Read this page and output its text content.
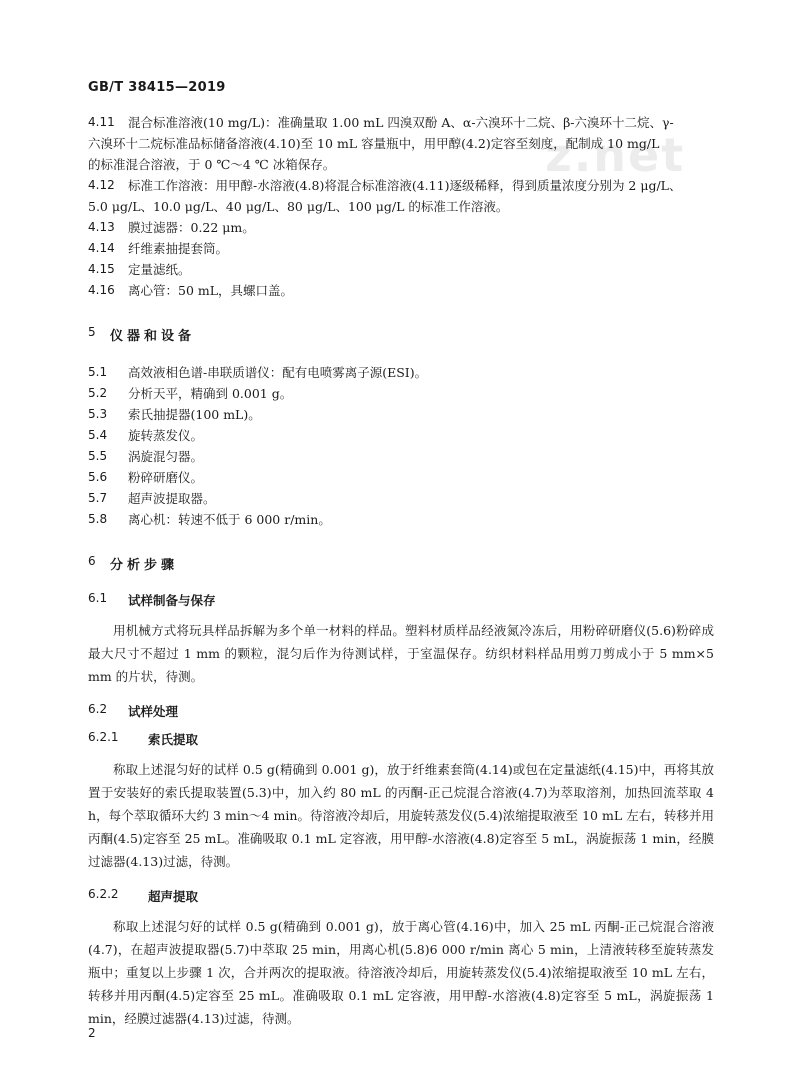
GB/T 38415—2019
z.net
4.11	混合标准溶液(10 mg/L)：准确量取 1.00 mL 四溴双酚 A、α-六溴环十二烷、β-六溴环十二烷、γ-
六溴环十二烷标准品标储备溶液(4.10)至 10 mL 容量瓶中，用甲醇(4.2)定容至刻度，配制成 10 mg/L
的标准混合溶液，于 0 ℃～4 ℃ 冰箱保存。
4.12	标准工作溶液：用甲醇-水溶液(4.8)将混合标准溶液(4.11)逐级稀释，得到质量浓度分别为 2 μg/L、
5.0 μg/L、10.0 μg/L、40 μg/L、80 μg/L、100 μg/L 的标准工作溶液。
4.13	膜过滤器：0.22 μm。
4.14	纤维素抽提套筒。
4.15	定量滤纸。
4.16	离心管：50 mL，具螺口盖。
5	仪器和设备
5.1	高效液相色谱-串联质谱仪：配有电喷雾离子源(ESI)。
5.2	分析天平，精确到 0.001 g。
5.3	索氏抽提器(100 mL)。
5.4	旋转蒸发仪。
5.5	涡旋混匀器。
5.6	粉碎研磨仪。
5.7	超声波提取器。
5.8	离心机：转速不低于 6 000 r/min。
6	分析步骤
6.1	试样制备与保存
用机械方式将玩具样品拆解为多个单一材料的样品。塑料材质样品经液氮冷冻后，用粉碎研磨仪(5.6)粉碎成最大尺寸不超过 1 mm 的颗粒，混匀后作为待测试样，于室温保存。纺织材料样品用剪刀剪成小于 5 mm×5 mm 的片状，待测。
6.2	试样处理
6.2.1	索氏提取
称取上述混匀好的试样 0.5 g(精确到 0.001 g)，放于纤维素套筒(4.14)或包在定量滤纸(4.15)中，再将其放置于安装好的索氏提取装置(5.3)中，加入约 80 mL 的丙酮-正己烷混合溶液(4.7)为萃取溶剂，加热回流萃取 4 h，每个萃取循环大约 3 min～4 min。待溶液冷却后，用旋转蒸发仪(5.4)浓缩提取液至 10 mL 左右，转移并用丙酮(4.5)定容至 25 mL。准确吸取 0.1 mL 定容液，用甲醇-水溶液(4.8)定容至 5 mL，涡旋振荡 1 min，经膜过滤器(4.13)过滤，待测。
6.2.2	超声提取
称取上述混匀好的试样 0.5 g(精确到 0.001 g)，放于离心管(4.16)中，加入 25 mL 丙酮-正己烷混合溶液(4.7)，在超声波提取器(5.7)中萃取 25 min，用离心机(5.8)6 000 r/min 离心 5 min，上清液转移至旋转蒸发瓶中；重复以上步骤 1 次，合并两次的提取液。待溶液冷却后，用旋转蒸发仪(5.4)浓缩提取液至 10 mL 左右，转移并用丙酮(4.5)定容至 25 mL。准确吸取 0.1 mL 定容液，用甲醇-水溶液(4.8)定容至 5 mL，涡旋振荡 1 min，经膜过滤器(4.13)过滤，待测。
2
